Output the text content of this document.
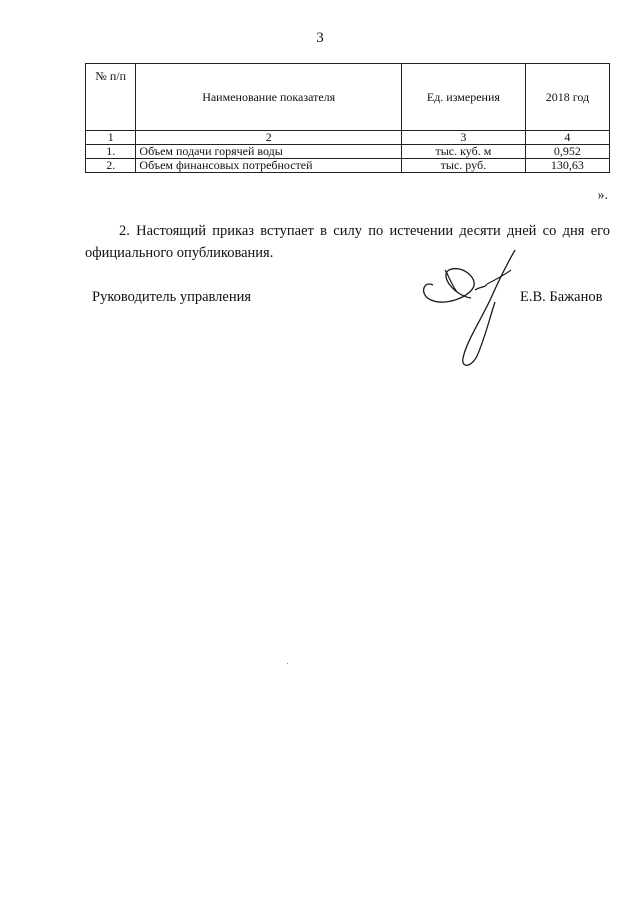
3
№ п/п	Наименование показателя	Ед. измерения	2018 год
1	2	3	4
1.	Объем подачи горячей воды	тыс. куб. м	0,952
2.	Объем финансовых потребностей	тыс. руб.	130,63
».
2. Настоящий приказ вступает в силу по истечении десяти дней со дня его официального опубликования.
Руководитель управления	Е.В. Бажанов
